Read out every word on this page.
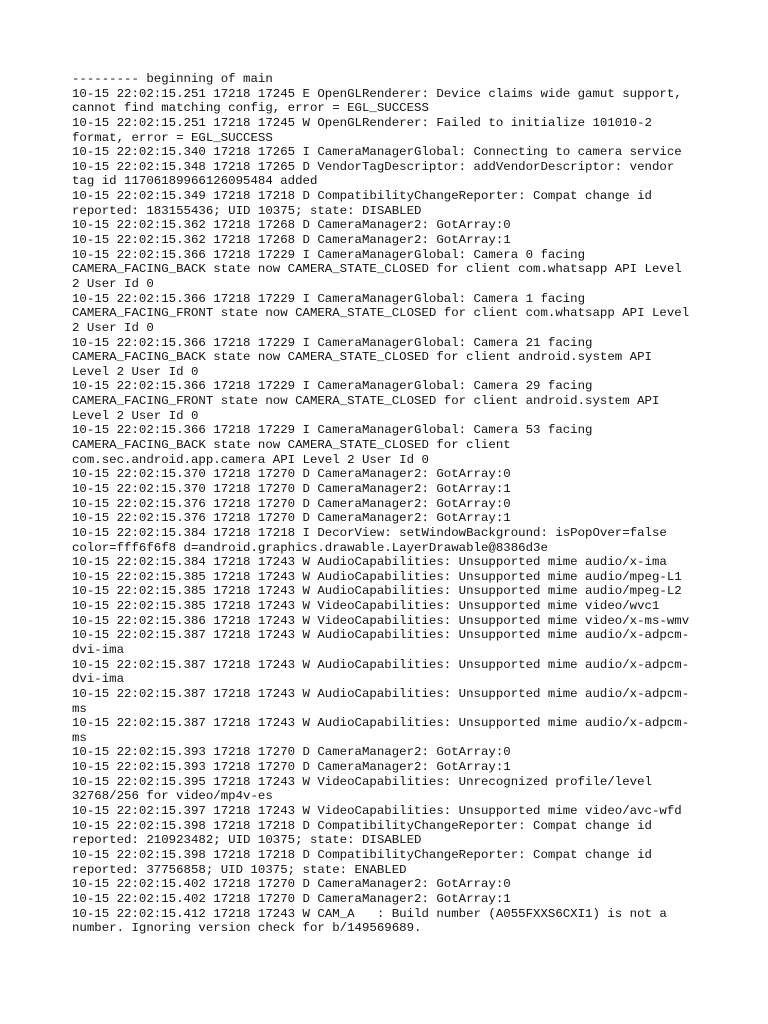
--------- beginning of main
10-15 22:02:15.251 17218 17245 E OpenGLRenderer: Device claims wide gamut support,
cannot find matching config, error = EGL_SUCCESS
10-15 22:02:15.251 17218 17245 W OpenGLRenderer: Failed to initialize 101010-2
format, error = EGL_SUCCESS
10-15 22:02:15.340 17218 17265 I CameraManagerGlobal: Connecting to camera service
10-15 22:02:15.348 17218 17265 D VendorTagDescriptor: addVendorDescriptor: vendor
tag id 11706189966126095484 added
10-15 22:02:15.349 17218 17218 D CompatibilityChangeReporter: Compat change id
reported: 183155436; UID 10375; state: DISABLED
10-15 22:02:15.362 17218 17268 D CameraManager2: GotArray:0
10-15 22:02:15.362 17218 17268 D CameraManager2: GotArray:1
10-15 22:02:15.366 17218 17229 I CameraManagerGlobal: Camera 0 facing
CAMERA_FACING_BACK state now CAMERA_STATE_CLOSED for client com.whatsapp API Level
2 User Id 0
10-15 22:02:15.366 17218 17229 I CameraManagerGlobal: Camera 1 facing
CAMERA_FACING_FRONT state now CAMERA_STATE_CLOSED for client com.whatsapp API Level
2 User Id 0
10-15 22:02:15.366 17218 17229 I CameraManagerGlobal: Camera 21 facing
CAMERA_FACING_BACK state now CAMERA_STATE_CLOSED for client android.system API
Level 2 User Id 0
10-15 22:02:15.366 17218 17229 I CameraManagerGlobal: Camera 29 facing
CAMERA_FACING_FRONT state now CAMERA_STATE_CLOSED for client android.system API
Level 2 User Id 0
10-15 22:02:15.366 17218 17229 I CameraManagerGlobal: Camera 53 facing
CAMERA_FACING_BACK state now CAMERA_STATE_CLOSED for client
com.sec.android.app.camera API Level 2 User Id 0
10-15 22:02:15.370 17218 17270 D CameraManager2: GotArray:0
10-15 22:02:15.370 17218 17270 D CameraManager2: GotArray:1
10-15 22:02:15.376 17218 17270 D CameraManager2: GotArray:0
10-15 22:02:15.376 17218 17270 D CameraManager2: GotArray:1
10-15 22:02:15.384 17218 17218 I DecorView: setWindowBackground: isPopOver=false
color=fff6f6f8 d=android.graphics.drawable.LayerDrawable@8386d3e
10-15 22:02:15.384 17218 17243 W AudioCapabilities: Unsupported mime audio/x-ima
10-15 22:02:15.385 17218 17243 W AudioCapabilities: Unsupported mime audio/mpeg-L1
10-15 22:02:15.385 17218 17243 W AudioCapabilities: Unsupported mime audio/mpeg-L2
10-15 22:02:15.385 17218 17243 W VideoCapabilities: Unsupported mime video/wvc1
10-15 22:02:15.386 17218 17243 W VideoCapabilities: Unsupported mime video/x-ms-wmv
10-15 22:02:15.387 17218 17243 W AudioCapabilities: Unsupported mime audio/x-adpcm-
dvi-ima
10-15 22:02:15.387 17218 17243 W AudioCapabilities: Unsupported mime audio/x-adpcm-
dvi-ima
10-15 22:02:15.387 17218 17243 W AudioCapabilities: Unsupported mime audio/x-adpcm-
ms
10-15 22:02:15.387 17218 17243 W AudioCapabilities: Unsupported mime audio/x-adpcm-
ms
10-15 22:02:15.393 17218 17270 D CameraManager2: GotArray:0
10-15 22:02:15.393 17218 17270 D CameraManager2: GotArray:1
10-15 22:02:15.395 17218 17243 W VideoCapabilities: Unrecognized profile/level
32768/256 for video/mp4v-es
10-15 22:02:15.397 17218 17243 W VideoCapabilities: Unsupported mime video/avc-wfd
10-15 22:02:15.398 17218 17218 D CompatibilityChangeReporter: Compat change id
reported: 210923482; UID 10375; state: DISABLED
10-15 22:02:15.398 17218 17218 D CompatibilityChangeReporter: Compat change id
reported: 37756858; UID 10375; state: ENABLED
10-15 22:02:15.402 17218 17270 D CameraManager2: GotArray:0
10-15 22:02:15.402 17218 17270 D CameraManager2: GotArray:1
10-15 22:02:15.412 17218 17243 W CAM_A   : Build number (A055FXXS6CXI1) is not a
number. Ignoring version check for b/149569689.
